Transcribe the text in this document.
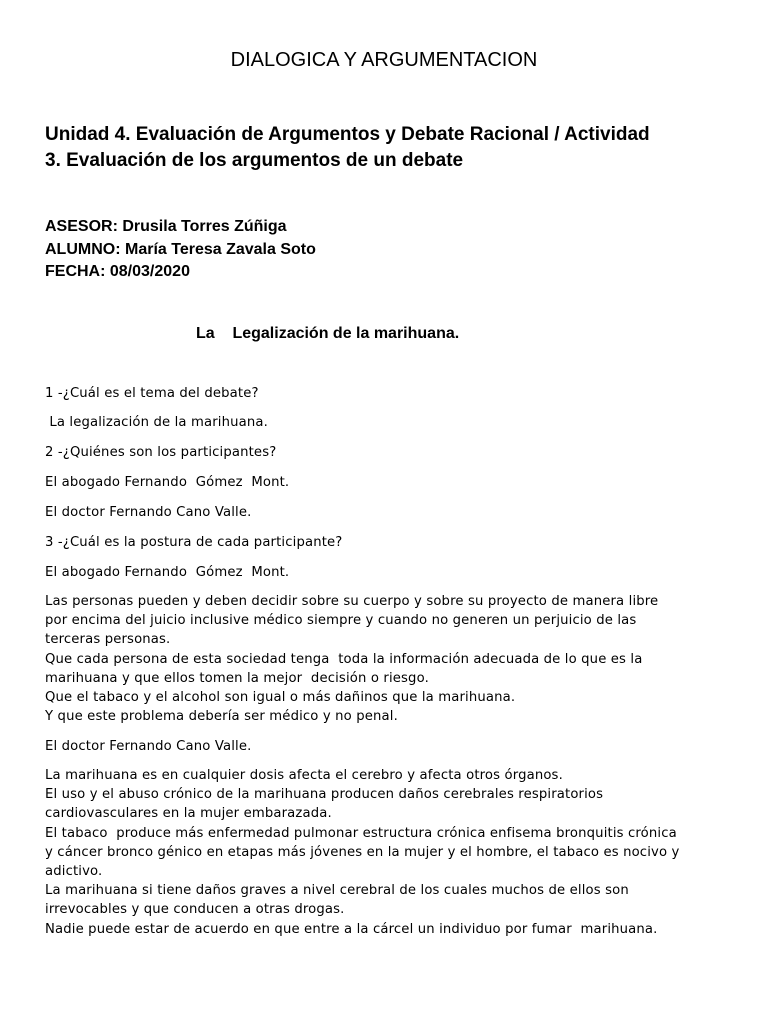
DIALOGICA Y ARGUMENTACION
Unidad 4. Evaluación de Argumentos y Debate Racional / Actividad
3. Evaluación de los argumentos de un debate
ASESOR: Drusila Torres Zúñiga
ALUMNO: María Teresa Zavala Soto
FECHA: 08/03/2020
La    Legalización de la marihuana.
1 -¿Cuál es el tema del debate?
La legalización de la marihuana.
2 -¿Quiénes son los participantes?
El abogado Fernando  Gómez  Mont.
El doctor Fernando Cano Valle.
3 -¿Cuál es la postura de cada participante?
El abogado Fernando  Gómez  Mont.
Las personas pueden y deben decidir sobre su cuerpo y sobre su proyecto de manera libre
por encima del juicio inclusive médico siempre y cuando no generen un perjuicio de las
terceras personas.
Que cada persona de esta sociedad tenga  toda la información adecuada de lo que es la
marihuana y que ellos tomen la mejor  decisión o riesgo.
Que el tabaco y el alcohol son igual o más dañinos que la marihuana.
Y que este problema debería ser médico y no penal.
El doctor Fernando Cano Valle.
La marihuana es en cualquier dosis afecta el cerebro y afecta otros órganos.
El uso y el abuso crónico de la marihuana producen daños cerebrales respiratorios
cardiovasculares en la mujer embarazada.
El tabaco  produce más enfermedad pulmonar estructura crónica enfisema bronquitis crónica
y cáncer bronco génico en etapas más jóvenes en la mujer y el hombre, el tabaco es nocivo y
adictivo.
La marihuana si tiene daños graves a nivel cerebral de los cuales muchos de ellos son
irrevocables y que conducen a otras drogas.
Nadie puede estar de acuerdo en que entre a la cárcel un individuo por fumar  marihuana.
